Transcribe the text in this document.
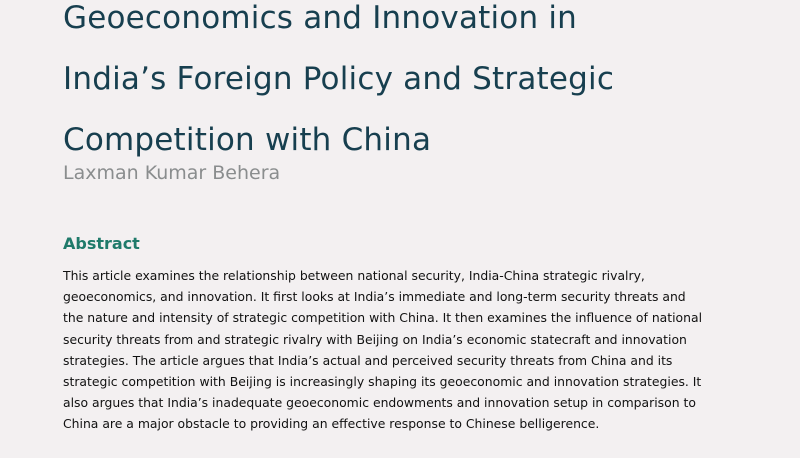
Geoeconomics and Innovation in
India’s Foreign Policy and Strategic
Competition with China
Laxman Kumar Behera
Abstract

This article examines the relationship between national security, India-China strategic rivalry,
geoeconomics, and innovation. It first looks at India’s immediate and long-term security threats and
the nature and intensity of strategic competition with China. It then examines the influence of national
security threats from and strategic rivalry with Beijing on India’s economic statecraft and innovation
strategies. The article argues that India’s actual and perceived security threats from China and its
strategic competition with Beijing is increasingly shaping its geoeconomic and innovation strategies. It
also argues that India’s inadequate geoeconomic endowments and innovation setup in comparison to
China are a major obstacle to providing an effective response to Chinese belligerence.
